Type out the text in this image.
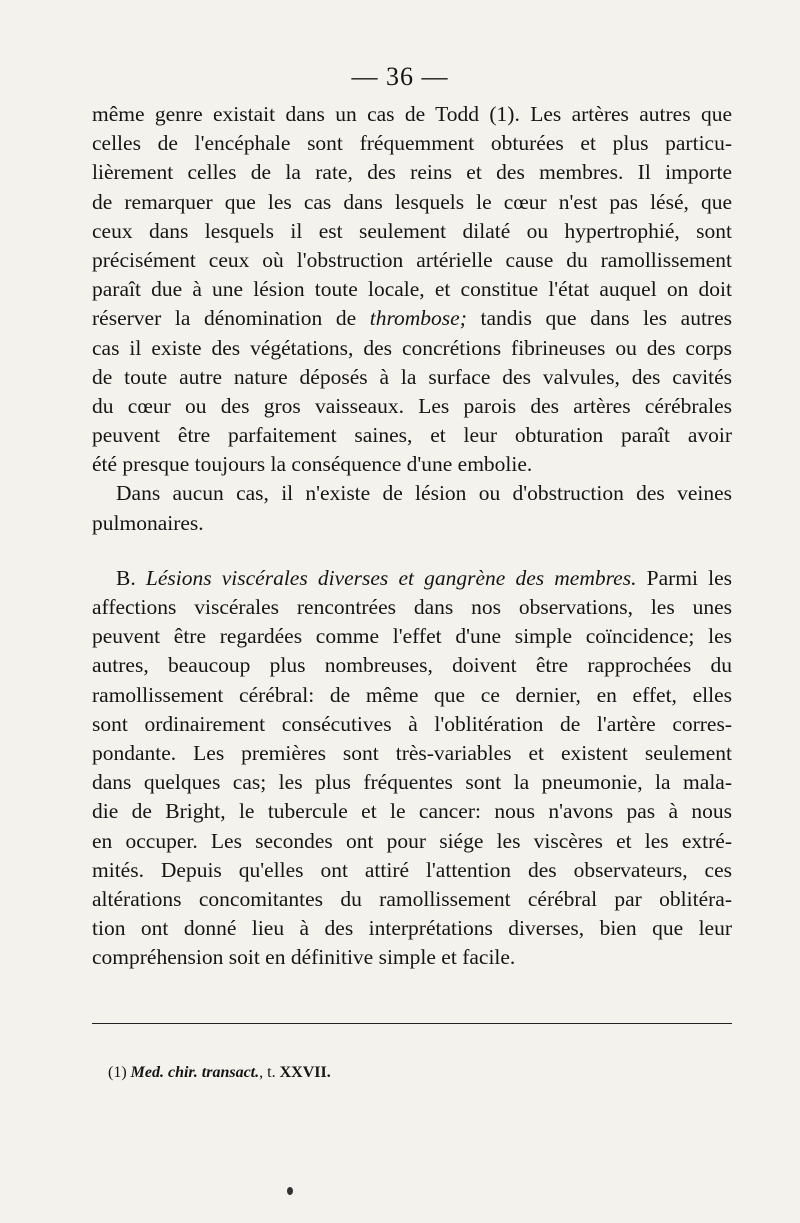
— 36 —
même genre existait dans un cas de Todd (1). Les artères autres que
celles de l'encéphale sont fréquemment obturées et plus particu-
lièrement celles de la rate, des reins et des membres. Il importe
de remarquer que les cas dans lesquels le cœur n'est pas lésé, que
ceux dans lesquels il est seulement dilaté ou hypertrophié, sont
précisément ceux où l'obstruction artérielle cause du ramollissement
paraît due à une lésion toute locale, et constitue l'état auquel on doit
réserver la dénomination de thrombose; tandis que dans les autres
cas il existe des végétations, des concrétions fibrineuses ou des corps
de toute autre nature déposés à la surface des valvules, des cavités
du cœur ou des gros vaisseaux. Les parois des artères cérébrales
peuvent être parfaitement saines, et leur obturation paraît avoir
été presque toujours la conséquence d'une embolie.
Dans aucun cas, il n'existe de lésion ou d'obstruction des veines
pulmonaires.
B. Lésions viscérales diverses et gangrène des membres. Parmi les
affections viscérales rencontrées dans nos observations, les unes
peuvent être regardées comme l'effet d'une simple coïncidence; les
autres, beaucoup plus nombreuses, doivent être rapprochées du
ramollissement cérébral: de même que ce dernier, en effet, elles
sont ordinairement consécutives à l'oblitération de l'artère corres-
pondante. Les premières sont très-variables et existent seulement
dans quelques cas; les plus fréquentes sont la pneumonie, la mala-
die de Bright, le tubercule et le cancer: nous n'avons pas à nous
en occuper. Les secondes ont pour siége les viscères et les extré-
mités. Depuis qu'elles ont attiré l'attention des observateurs, ces
altérations concomitantes du ramollissement cérébral par oblitéra-
tion ont donné lieu à des interprétations diverses, bien que leur
compréhension soit en définitive simple et facile.
(1) Med. chir. transact., t. XXVII.
